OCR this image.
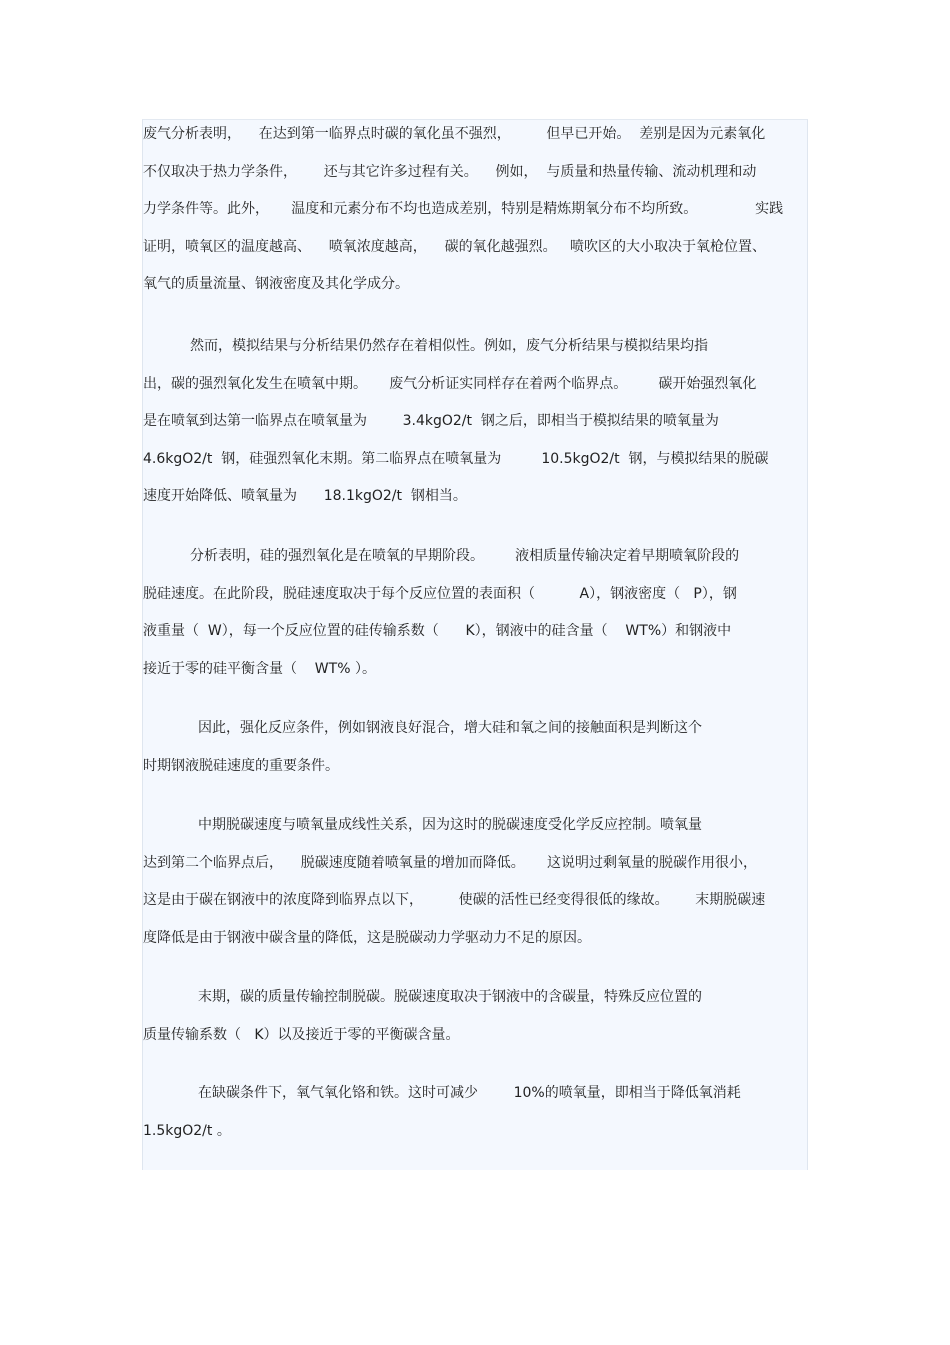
废气分析表明，    在达到第一临界点时碳的氧化虽不强烈，        但早已开始。  差别是因为元素氧化
不仅取决于热力学条件，      还与其它许多过程有关。    例如，  与质量和热量传输、流动机理和动
力学条件等。此外，     温度和元素分布不均也造成差别，特别是精炼期氧分布不均所致。             实践
证明，喷氧区的温度越高、    喷氧浓度越高，    碳的氧化越强烈。   喷吹区的大小取决于氧枪位置、
氧气的质量流量、钢液密度及其化学成分。
然而，模拟结果与分析结果仍然存在着相似性。例如，废气分析结果与模拟结果均指
出，碳的强烈氧化发生在喷氧中期。     废气分析证实同样存在着两个临界点。       碳开始强烈氧化
是在喷氧到达第一临界点在喷氧量为        3.4kgO2/t  钢之后，即相当于模拟结果的喷氧量为
4.6kgO2/t  钢，硅强烈氧化末期。第二临界点在喷氧量为         10.5kgO2/t  钢，与模拟结果的脱碳
速度开始降低、喷氧量为      18.1kgO2/t  钢相当。
分析表明，硅的强烈氧化是在喷氧的早期阶段。       液相质量传输决定着早期喷氧阶段的
脱硅速度。在此阶段，脱硅速度取决于每个反应位置的表面积（          A），钢液密度（   P），钢
液重量（  W），每一个反应位置的硅传输系数（      K），钢液中的硅含量（    WT%）和钢液中
接近于零的硅平衡含量（    WT% ）。
因此，强化反应条件，例如钢液良好混合，增大硅和氧之间的接触面积是判断这个
时期钢液脱硅速度的重要条件。
中期脱碳速度与喷氧量成线性关系，因为这时的脱碳速度受化学反应控制。喷氧量
达到第二个临界点后，    脱碳速度随着喷氧量的增加而降低。     这说明过剩氧量的脱碳作用很小，
这是由于碳在钢液中的浓度降到临界点以下，        使碳的活性已经变得很低的缘故。      末期脱碳速
度降低是由于钢液中碳含量的降低，这是脱碳动力学驱动力不足的原因。
末期，碳的质量传输控制脱碳。脱碳速度取决于钢液中的含碳量，特殊反应位置的
质量传输系数（   K）以及接近于零的平衡碳含量。
在缺碳条件下，氧气氧化铬和铁。这时可减少        10%的喷氧量，即相当于降低氧消耗
1.5kgO2/t 。
